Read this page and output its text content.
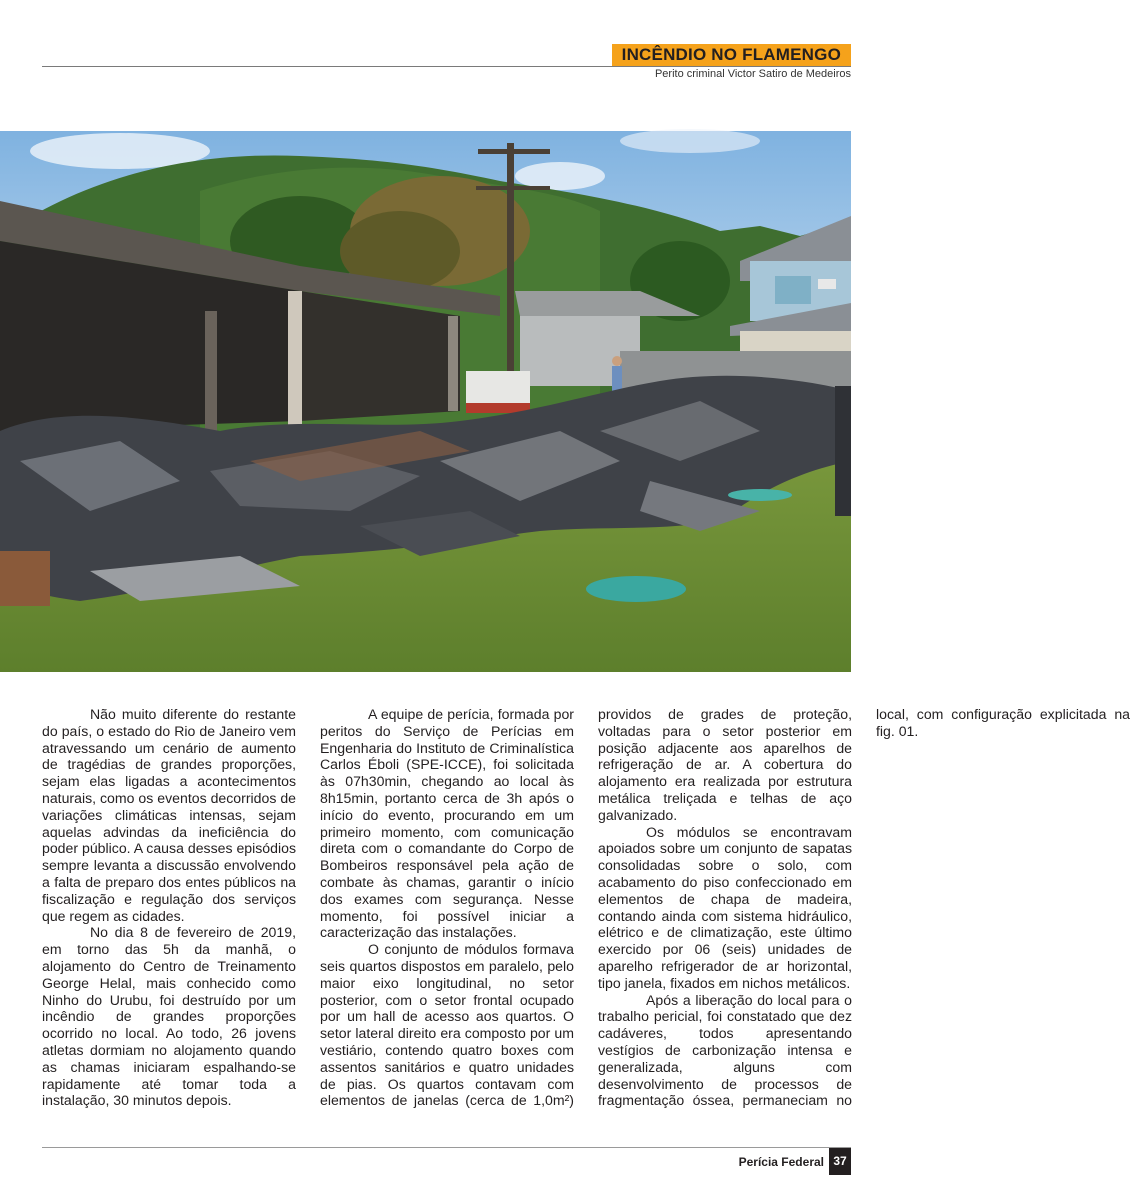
INCÊNDIO NO FLAMENGO
Perito criminal Victor Satiro de Medeiros

Não muito diferente do restante do país, o estado do Rio de Janeiro vem atravessando um cenário de aumento de tragédias de grandes proporções, sejam elas ligadas a acontecimentos naturais, como os eventos decorridos de variações climáticas intensas, sejam aquelas advindas da ineficiência do poder público. A causa desses episódios sempre levanta a discussão envolvendo a falta de preparo dos entes públicos na fiscalização e regulação dos serviços que regem as cidades.

No dia 8 de fevereiro de 2019, em torno das 5h da manhã, o alojamento do Centro de Treinamento George Helal, mais conhecido como Ninho do Urubu, foi destruído por um incêndio de grandes proporções ocorrido no local. Ao todo, 26 jovens atletas dormiam no alojamento quando as chamas iniciaram espalhando-se rapidamente até tomar toda a instalação, 30 minutos depois.

A equipe de perícia, formada por peritos do Serviço de Perícias em Engenharia do Instituto de Criminalística Carlos Éboli (SPE-ICCE), foi solicitada às 07h30min, chegando ao local às 8h15min, portanto cerca de 3h após o início do evento, procurando em um primeiro momento, com comunicação direta com o comandante do Corpo de Bombeiros responsável pela ação de combate às chamas, garantir o início dos exames com segurança. Nesse momento, foi possível iniciar a caracterização das instalações.

O conjunto de módulos formava seis quartos dispostos em paralelo, pelo maior eixo longitudinal, no setor posterior, com o setor frontal ocupado por um hall de acesso aos quartos. O setor lateral direito era composto por um vestiário, contendo quatro boxes com assentos sanitários e quatro unidades de pias. Os quartos contavam com elementos de janelas (cerca de 1,0m²) providos de grades de proteção, voltadas para o setor posterior em posição adjacente aos aparelhos de refrigeração de ar. A cobertura do alojamento era realizada por estrutura metálica treliçada e telhas de aço galvanizado.

Os módulos se encontravam apoiados sobre um conjunto de sapatas consolidadas sobre o solo, com acabamento do piso confeccionado em elementos de chapa de madeira, contando ainda com sistema hidráulico, elétrico e de climatização, este último exercido por 06 (seis) unidades de aparelho refrigerador de ar horizontal, tipo janela, fixados em nichos metálicos.

Após a liberação do local para o trabalho pericial, foi constatado que dez cadáveres, todos apresentando vestígios de carbonização intensa e generalizada, alguns com desenvolvimento de processos de fragmentação óssea, permaneciam no local, com configuração explicitada na fig. 01.

Perícia Federal 37
